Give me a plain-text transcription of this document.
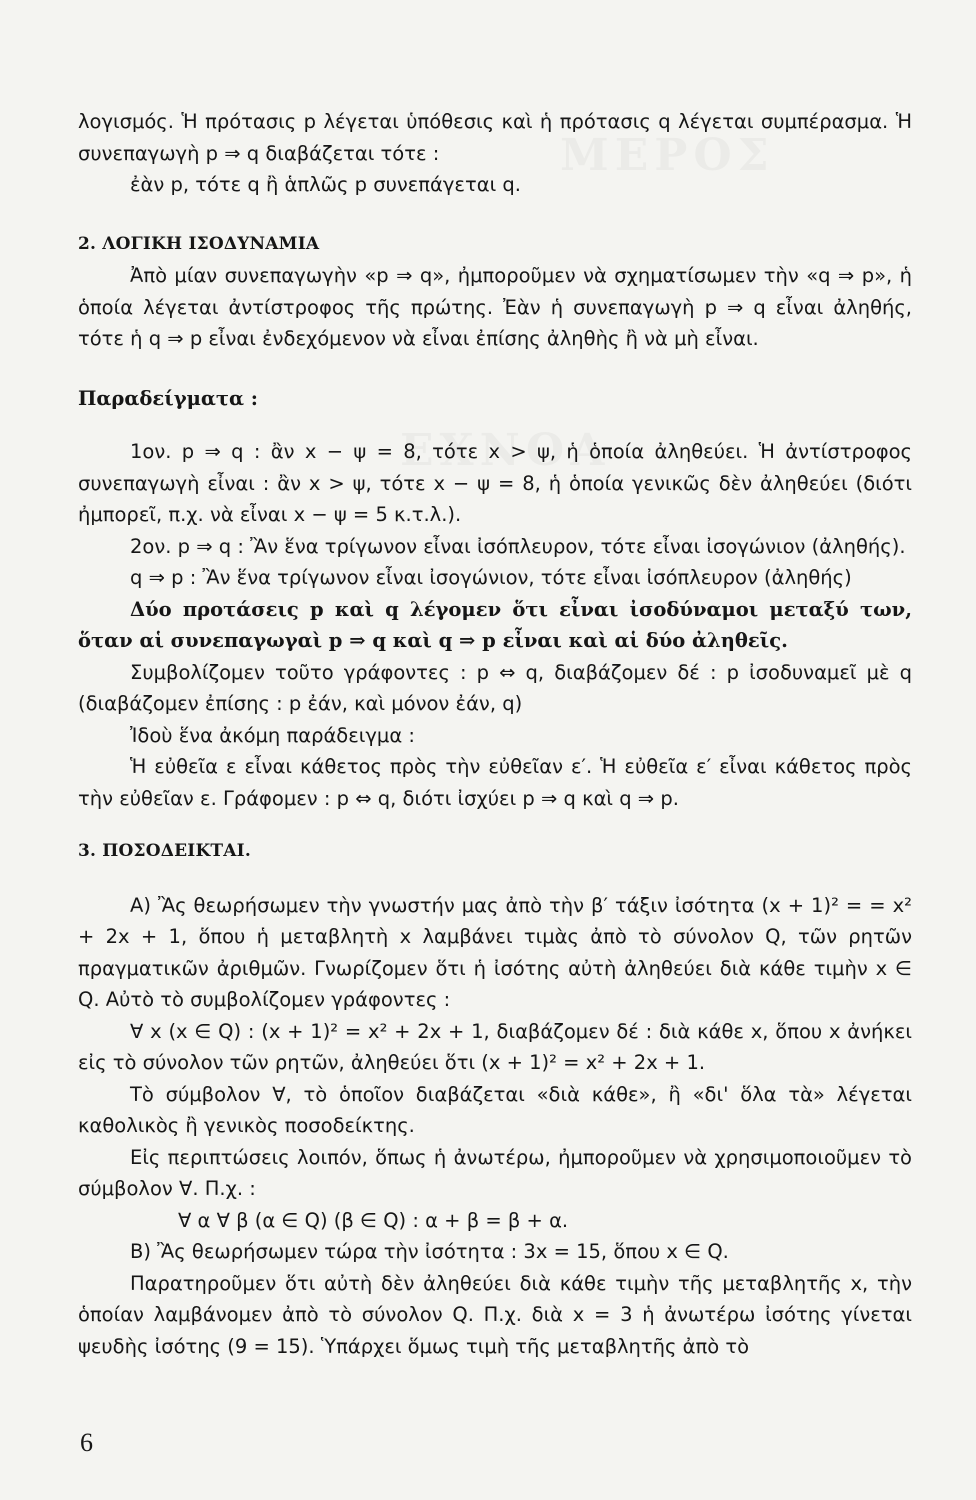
λογισμός. Ἡ πρότασις p λέγεται ὑπόθεσις καὶ ἡ πρότασις q λέγεται συμπέρασμα. Ἡ συνεπαγωγὴ p ⇒ q διαβάζεται τότε :

ἐὰν p, τότε q ἢ ἁπλῶς p συνεπάγεται q.

2. ΛΟΓΙΚΗ ΙΣΟΔΥΝΑΜΙΑ

Ἀπὸ μίαν συνεπαγωγὴν «p ⇒ q», ἠμποροῦμεν νὰ σχηματίσωμεν τὴν «q ⇒ p», ἡ ὁποία λέγεται ἀντίστροφος τῆς πρώτης. Ἐὰν ἡ συνεπαγωγὴ p ⇒ q εἶναι ἀληθής, τότε ἡ q ⇒ p εἶναι ἐνδεχόμενον νὰ εἶναι ἐπίσης ἀληθὴς ἢ νὰ μὴ εἶναι.

Παραδείγματα :

1ον. p ⇒ q : ἂν x − ψ = 8, τότε x > ψ, ἡ ὁποία ἀληθεύει. Ἡ ἀντίστροφος συνεπαγωγὴ εἶναι : ἂν x > ψ, τότε x − ψ = 8, ἡ ὁποία γενικῶς δὲν ἀληθεύει (διότι ἠμπορεῖ, π.χ. νὰ εἶναι x − ψ = 5 κ.τ.λ.).

2ον. p ⇒ q : Ἂν ἕνα τρίγωνον εἶναι ἰσόπλευρον, τότε εἶναι ἰσογώνιον (ἀληθής).

q ⇒ p : Ἂν ἕνα τρίγωνον εἶναι ἰσογώνιον, τότε εἶναι ἰσόπλευρον (ἀληθής)

Δύο προτάσεις p καὶ q λέγομεν ὅτι εἶναι ἰσοδύναμοι μεταξύ των, ὅταν αἱ συνεπαγωγαὶ p ⇒ q καὶ q ⇒ p εἶναι καὶ αἱ δύο ἀληθεῖς.

Συμβολίζομεν τοῦτο γράφοντες : p ⇔ q, διαβάζομεν δέ : p ἰσοδυναμεῖ μὲ q (διαβάζομεν ἐπίσης : p ἐάν, καὶ μόνον ἐάν, q)

Ἰδοὺ ἕνα ἀκόμη παράδειγμα :

Ἡ εὐθεῖα ε εἶναι κάθετος πρὸς τὴν εὐθεῖαν ε′. Ἡ εὐθεῖα ε′ εἶναι κάθετος πρὸς τὴν εὐθεῖαν ε. Γράφομεν : p ⇔ q, διότι ἰσχύει p ⇒ q καὶ q ⇒ p.

3. ΠΟΣΟΔΕΙΚΤΑΙ.

Α) Ἂς θεωρήσωμεν τὴν γνωστήν μας ἀπὸ τὴν β′ τάξιν ἰσότητα (x + 1)² = = x² + 2x + 1, ὅπου ἡ μεταβλητὴ x λαμβάνει τιμὰς ἀπὸ τὸ σύνολον Q, τῶν ρητῶν πραγματικῶν ἀριθμῶν. Γνωρίζομεν ὅτι ἡ ἰσότης αὐτὴ ἀληθεύει διὰ κάθε τιμὴν x ∈ Q. Αὐτὸ τὸ συμβολίζομεν γράφοντες :

∀ x (x ∈ Q) : (x + 1)² = x² + 2x + 1, διαβάζομεν δέ : διὰ κάθε x, ὅπου x ἀνήκει εἰς τὸ σύνολον τῶν ρητῶν, ἀληθεύει ὅτι (x + 1)² = x² + 2x + 1.

Τὸ σύμβολον ∀, τὸ ὁποῖον διαβάζεται «διὰ κάθε», ἢ «δι' ὅλα τὰ» λέγεται καθολικὸς ἢ γενικὸς ποσοδείκτης.

Εἰς περιπτώσεις λοιπόν, ὅπως ἡ ἀνωτέρω, ἠμποροῦμεν νὰ χρησιμοποιοῦμεν τὸ σύμβολον ∀. Π.χ. :

∀ α ∀ β (α ∈ Q) (β ∈ Q) : α + β = β + α.

Β) Ἂς θεωρήσωμεν τώρα τὴν ἰσότητα : 3x = 15, ὅπου x ∈ Q.

Παρατηροῦμεν ὅτι αὐτὴ δὲν ἀληθεύει διὰ κάθε τιμὴν τῆς μεταβλητῆς x, τὴν ὁποίαν λαμβάνομεν ἀπὸ τὸ σύνολον Q. Π.χ. διὰ x = 3 ἡ ἀνωτέρω ἰσότης γίνεται ψευδὴς ἰσότης (9 = 15). Ὑπάρχει ὅμως τιμὴ τῆς μεταβλητῆς ἀπὸ τὸ

6
